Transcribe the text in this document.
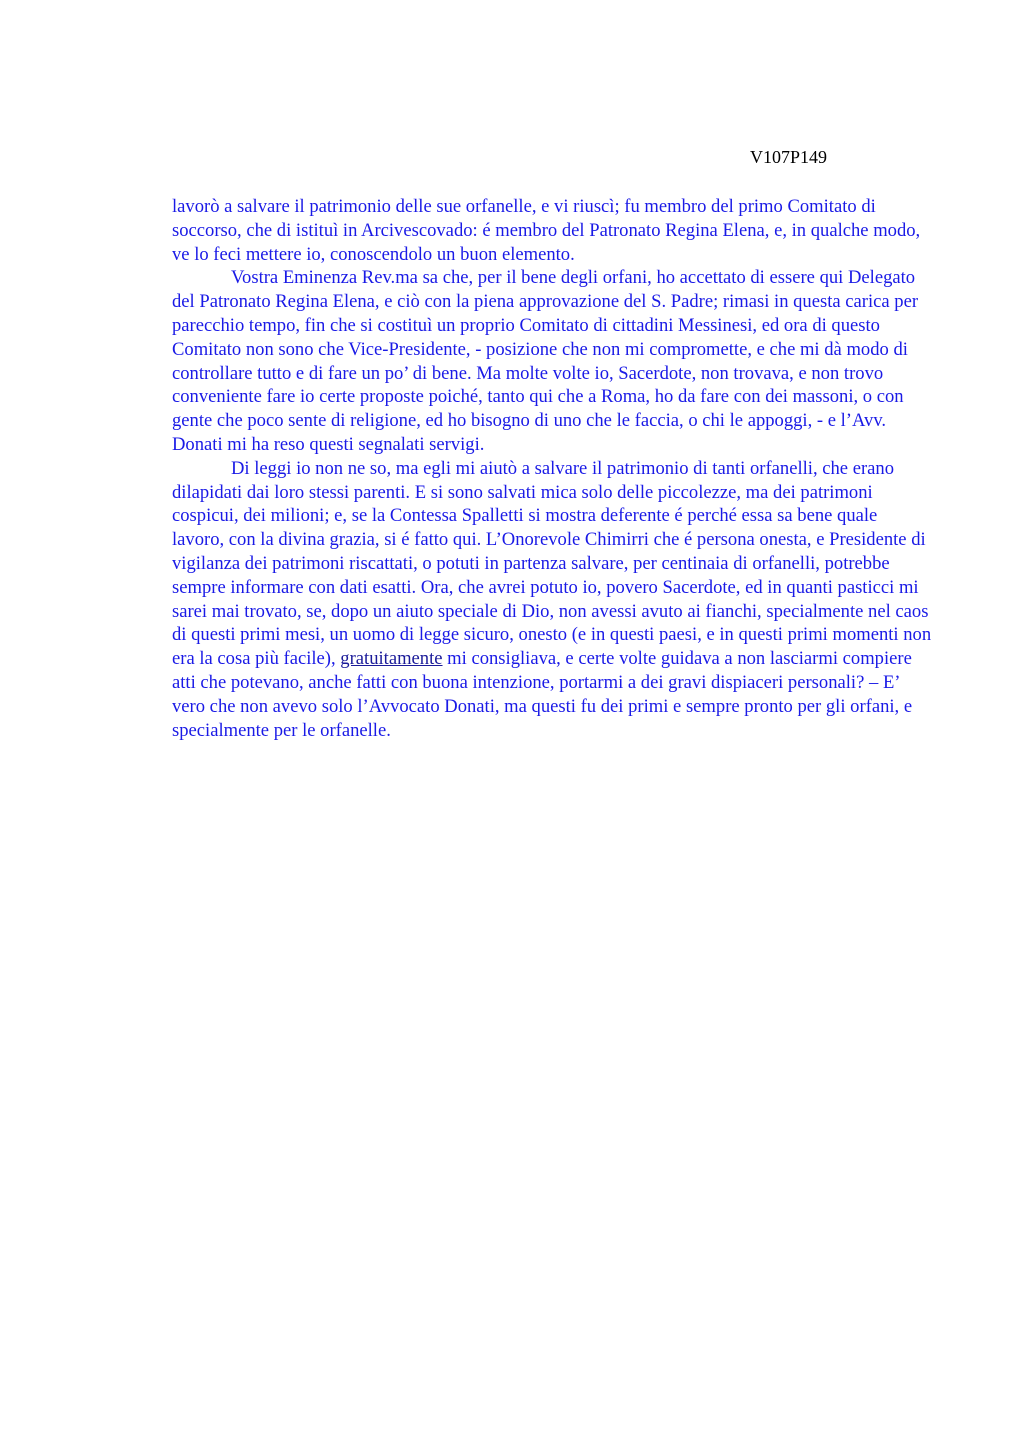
V107P149

lavorò a salvare il patrimonio delle sue orfanelle, e vi riuscì; fu membro del primo Comitato di soccorso, che di istituì in Arcivescovado: é membro del Patronato Regina Elena, e, in qualche modo, ve lo feci mettere io, conoscendolo un buon elemento.

Vostra Eminenza Rev.ma sa che, per il bene degli orfani, ho accettato di essere qui Delegato del Patronato Regina Elena, e ciò con la piena approvazione del S. Padre; rimasi in questa carica per parecchio tempo, fin che si costituì un proprio Comitato di cittadini Messinesi, ed ora di questo Comitato non sono che Vice-Presidente, - posizione che non mi compromette, e che mi dà modo di controllare tutto e di fare un po’ di bene. Ma molte volte io, Sacerdote, non trovava, e non trovo conveniente fare io certe proposte poiché, tanto qui che a Roma, ho da fare con dei massoni, o con gente che poco sente di religione, ed ho bisogno di uno che le faccia, o chi le appoggi, - e l’Avv. Donati mi ha reso questi segnalati servigi.

Di leggi io non ne so, ma egli mi aiutò a salvare il patrimonio di tanti orfanelli, che erano dilapidati dai loro stessi parenti. E si sono salvati mica solo delle piccolezze, ma dei patrimoni cospicui, dei milioni; e, se la Contessa Spalletti si mostra deferente é perché essa sa bene quale lavoro, con la divina grazia, si é fatto qui. L’Onorevole Chimirri che é persona onesta, e Presidente di vigilanza dei patrimoni riscattati, o potuti in partenza salvare, per centinaia di orfanelli, potrebbe sempre informare con dati esatti. Ora, che avrei potuto io, povero Sacerdote, ed in quanti pasticci mi sarei mai trovato, se, dopo un aiuto speciale di Dio, non avessi avuto ai fianchi, specialmente nel caos di questi primi mesi, un uomo di legge sicuro, onesto (e in questi paesi, e in questi primi momenti non era la cosa più facile), gratuitamente mi consigliava, e certe volte guidava a non lasciarmi compiere atti che potevano, anche fatti con buona intenzione, portarmi a dei gravi dispiaceri personali? – E’ vero che non avevo solo l’Avvocato Donati, ma questi fu dei primi e sempre pronto per gli orfani, e specialmente per le orfanelle.
